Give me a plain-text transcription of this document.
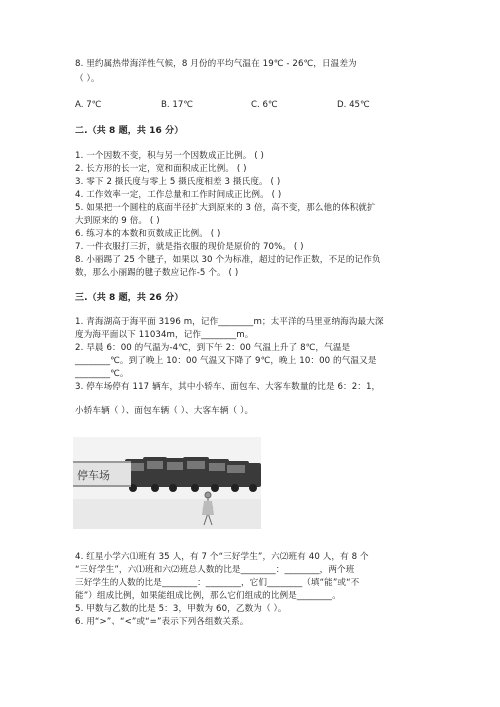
8. 里约属热带海洋性气候，8 月份的平均气温在 19℃ - 26℃，日温差为
（ ）。
A. 7℃	B. 17℃	C. 6℃	D. 45℃
二.（共 8 题，共 16 分）
1. 一个因数不变，积与另一个因数成正比例。 ( )
2. 长方形的长一定，宽和面积成正比例。 ( )
3. 零下 2 摄氏度与零上 5 摄氏度相差 3 摄氏度。 ( )
4. 工作效率一定，工作总量和工作时间成正比例。 ( )
5. 如果把一个圆柱的底面半径扩大到原来的 3 倍，高不变，那么他的体积就扩
大到原来的 9 倍。 ( )
6. 练习本的本数和页数成正比例。 ( )
7. 一件衣服打三折，就是指衣服的现价是原价的 70%。 ( )
8. 小丽踢了 25 个毽子，如果以 30 个为标准，超过的记作正数，不足的记作负
数，那么小丽踢的毽子数应记作-5 个。 ( )
三.（共 8 题，共 26 分）
1. 青海湖高于海平面 3196 m，记作________m；太平洋的马里亚纳海沟最大深
度为海平面以下 11034m，记作________m。
2. 早晨 6：00 的气温为-4℃，到下午 2：00 气温上升了 8℃，气温是
________℃。到了晚上 10：00 气温又下降了 9℃，晚上 10：00 的气温又是
________℃。
3. 停车场停有 117 辆车，其中小轿车、面包车、大客车数量的比是 6：2：1，
小轿车辆（ ）、面包车辆（ ）、大客车辆（ ）。
停车场
4. 红星小学六⑴班有 35 人，有 7 个“三好学生”，六⑵班有 40 人，有 8 个
“三好学生”，六⑴班和六⑵班总人数的比是________：________，两个班
三好学生的人数的比是________：________，它们________（填“能”或“不
能”）组成比例，如果能组成比例，那么它们组成的比例是________。
5. 甲数与乙数的比是 5：3，甲数为 60，乙数为（ ）。
6. 用“>”、“<”或“=”表示下列各组数关系。
